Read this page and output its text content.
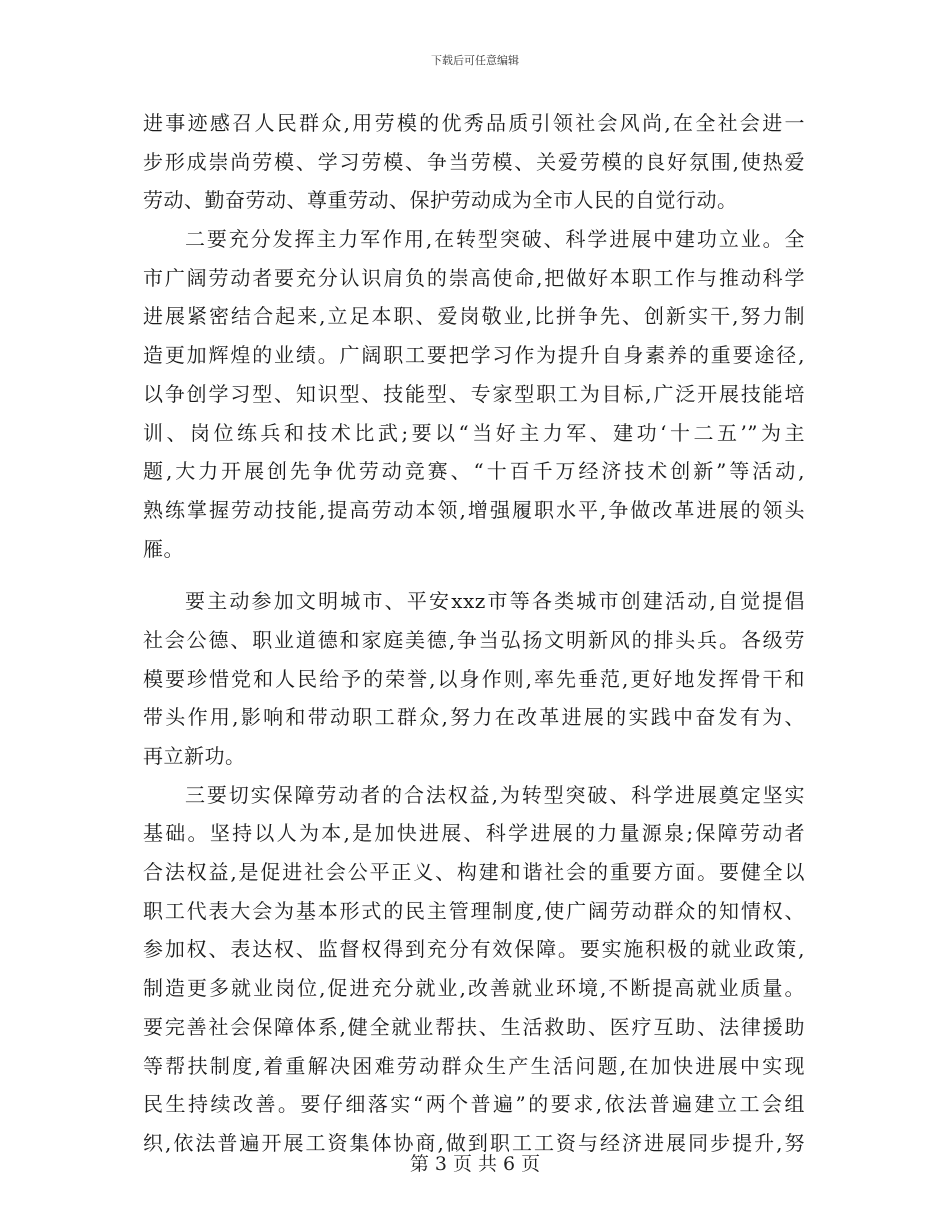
下载后可任意编辑
进事迹感召人民群众,用劳模的优秀品质引领社会风尚,在全社会进一
步形成崇尚劳模、学习劳模、争当劳模、关爱劳模的良好氛围,使热爱
劳动、勤奋劳动、尊重劳动、保护劳动成为全市人民的自觉行动。
二要充分发挥主力军作用,在转型突破、科学进展中建功立业。全
市广阔劳动者要充分认识肩负的崇高使命,把做好本职工作与推动科学
进展紧密结合起来,立足本职、爱岗敬业,比拼争先、创新实干,努力制
造更加辉煌的业绩。广阔职工要把学习作为提升自身素养的重要途径,
以争创学习型、知识型、技能型、专家型职工为目标,广泛开展技能培
训、岗位练兵和技术比武;要以“当好主力军、建功‘十二五’”为主
题,大力开展创先争优劳动竞赛、“十百千万经济技术创新”等活动,
熟练掌握劳动技能,提高劳动本领,增强履职水平,争做改革进展的领头
雁。
要主动参加文明城市、平安xxz市等各类城市创建活动,自觉提倡
社会公德、职业道德和家庭美德,争当弘扬文明新风的排头兵。各级劳
模要珍惜党和人民给予的荣誉,以身作则,率先垂范,更好地发挥骨干和
带头作用,影响和带动职工群众,努力在改革进展的实践中奋发有为、
再立新功。
三要切实保障劳动者的合法权益,为转型突破、科学进展奠定坚实
基础。坚持以人为本,是加快进展、科学进展的力量源泉;保障劳动者
合法权益,是促进社会公平正义、构建和谐社会的重要方面。要健全以
职工代表大会为基本形式的民主管理制度,使广阔劳动群众的知情权、
参加权、表达权、监督权得到充分有效保障。要实施积极的就业政策,
制造更多就业岗位,促进充分就业,改善就业环境,不断提高就业质量。
要完善社会保障体系,健全就业帮扶、生活救助、医疗互助、法律援助
等帮扶制度,着重解决困难劳动群众生产生活问题,在加快进展中实现
民生持续改善。要仔细落实“两个普遍”的要求,依法普遍建立工会组
织,依法普遍开展工资集体协商,做到职工工资与经济进展同步提升,努
第 3 页 共 6 页
